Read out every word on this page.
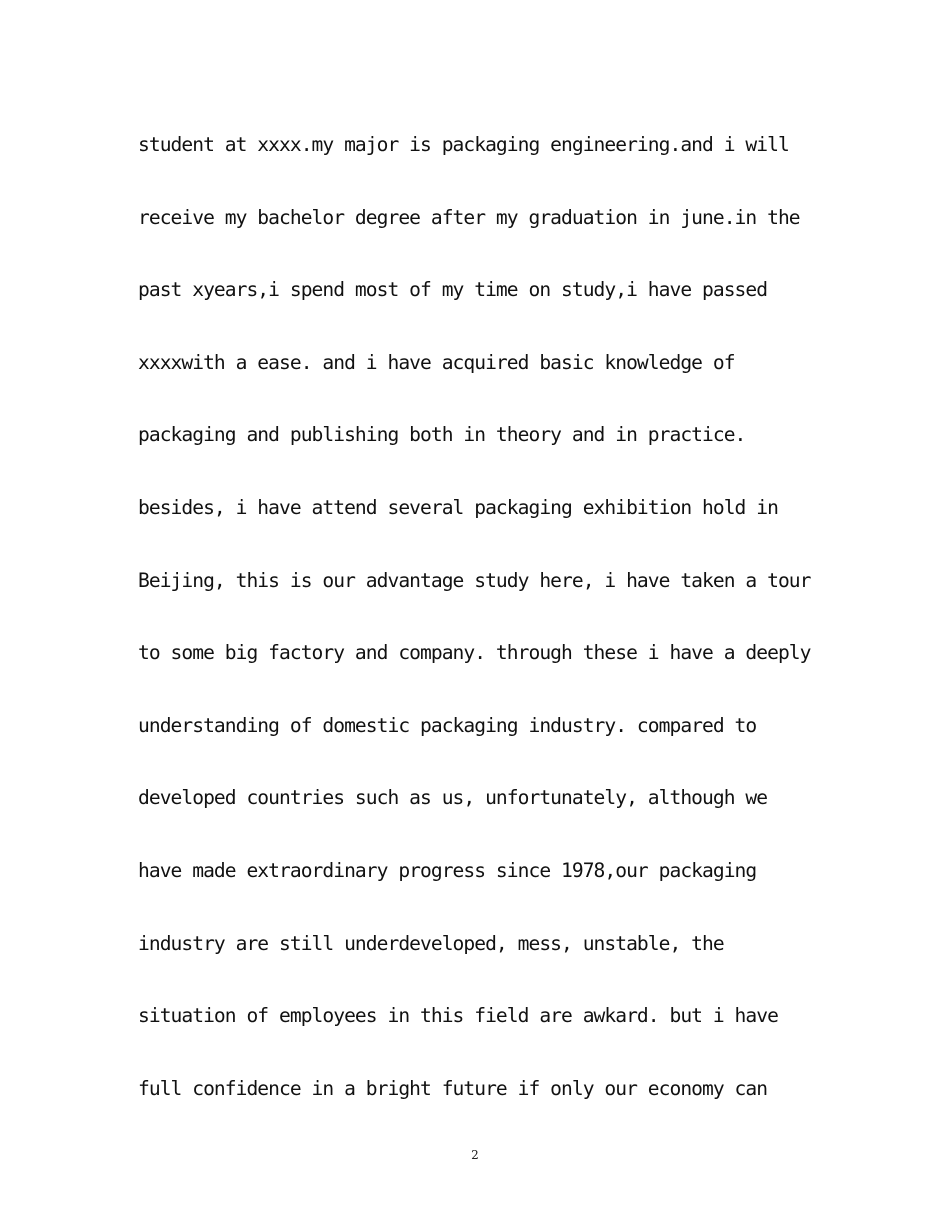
student at xxxx.my major is packaging engineering.and i will
receive my bachelor degree after my graduation in june.in the
past xyears,i spend most of my time on study,i have passed
xxxxwith a ease. and i have acquired basic knowledge of
packaging and publishing both in theory and in practice.
besides, i have attend several packaging exhibition hold in
Beijing, this is our advantage study here, i have taken a tour
to some big factory and company. through these i have a deeply
understanding of domestic packaging industry. compared to
developed countries such as us, unfortunately, although we
have made extraordinary progress since 1978,our packaging
industry are still underdeveloped, mess, unstable, the
situation of employees in this field are awkard. but i have
full confidence in a bright future if only our economy can
2
